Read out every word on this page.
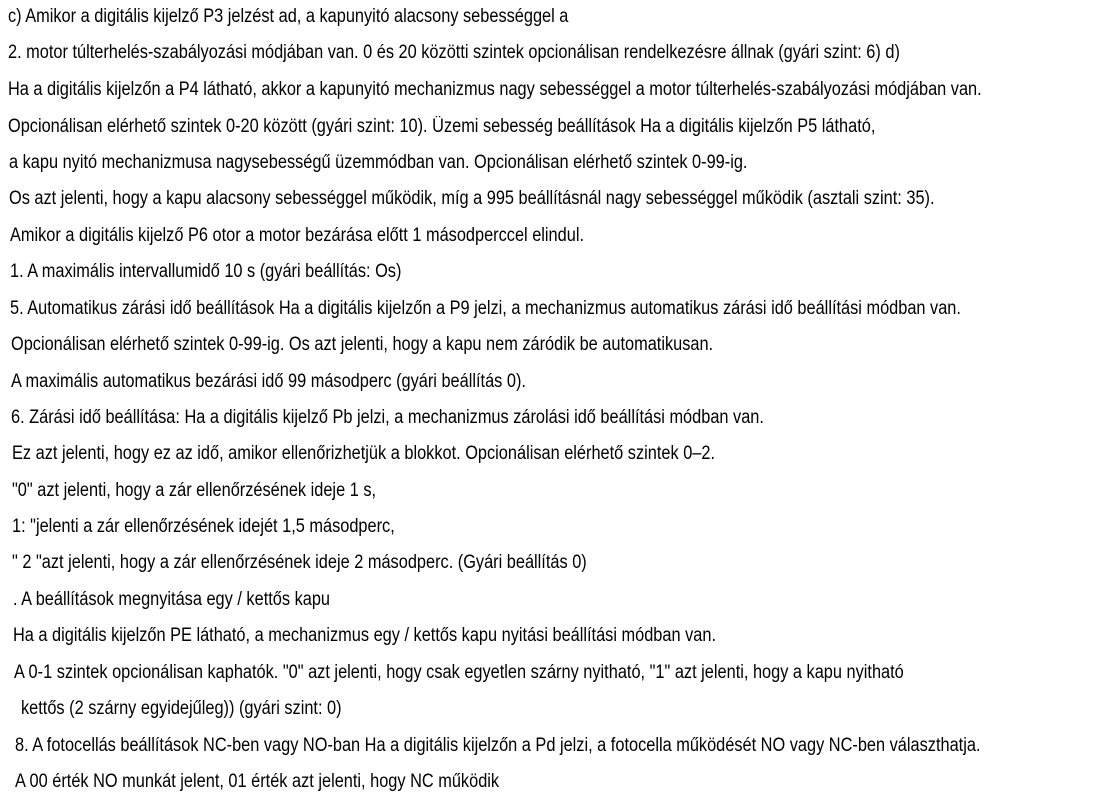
c) Amikor a digitális kijelző P3 jelzést ad, a kapunyitó alacsony sebességgel a
2. motor túlterhelés-szabályozási módjában van. 0 és 20 közötti szintek opcionálisan rendelkezésre állnak (gyári szint: 6) d)
Ha a digitális kijelzőn a P4 látható, akkor a kapunyitó mechanizmus nagy sebességgel a motor túlterhelés-szabályozási módjában van.
Opcionálisan elérhető szintek 0-20 között (gyári szint: 10). Üzemi sebesség beállítások Ha a digitális kijelzőn P5 látható,
a kapu nyitó mechanizmusa nagysebességű üzemmódban van. Opcionálisan elérhető szintek 0-99-ig.
Os azt jelenti, hogy a kapu alacsony sebességgel működik, míg a 995 beállításnál nagy sebességgel működik (asztali szint: 35).
Amikor a digitális kijelző P6 otor a motor bezárása előtt 1 másodperccel elindul.
1. A maximális intervallumidő 10 s (gyári beállítás: Os)
5. Automatikus zárási idő beállítások Ha a digitális kijelzőn a P9 jelzi, a mechanizmus automatikus zárási idő beállítási módban van.
Opcionálisan elérhető szintek 0-99-ig. Os azt jelenti, hogy a kapu nem záródik be automatikusan.
A maximális automatikus bezárási idő 99 másodperc (gyári beállítás 0).
6. Zárási idő beállítása: Ha a digitális kijelző Pb jelzi, a mechanizmus zárolási idő beállítási módban van.
Ez azt jelenti, hogy ez az idő, amikor ellenőrizhetjük a blokkot. Opcionálisan elérhető szintek 0–2.
"0" azt jelenti, hogy a zár ellenőrzésének ideje 1 s,
1: "jelenti a zár ellenőrzésének idejét 1,5 másodperc,
" 2 "azt jelenti, hogy a zár ellenőrzésének ideje 2 másodperc. (Gyári beállítás 0)
. A beállítások megnyitása egy / kettős kapu
Ha a digitális kijelzőn PE látható, a mechanizmus egy / kettős kapu nyitási beállítási módban van.
A 0-1 szintek opcionálisan kaphatók. "0" azt jelenti, hogy csak egyetlen szárny nyitható, "1" azt jelenti, hogy a kapu nyitható
kettős (2 szárny egyidejűleg)) (gyári szint: 0)
8. A fotocellás beállítások NC-ben vagy NO-ban Ha a digitális kijelzőn a Pd jelzi, a fotocella működését NO vagy NC-ben választhatja.
A 00 érték NO munkát jelent, 01 érték azt jelenti, hogy NC működik
